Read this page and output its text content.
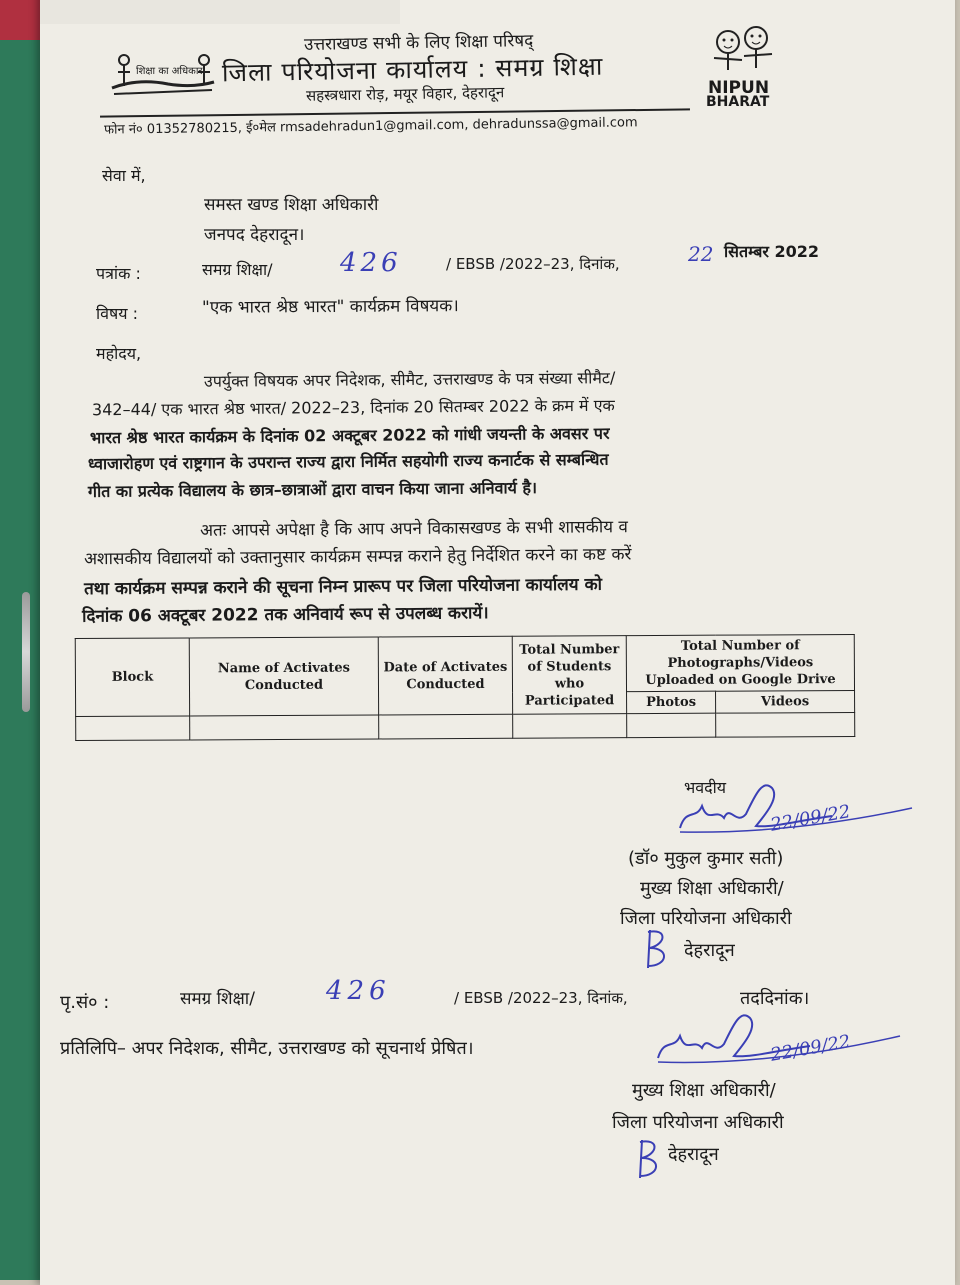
शिक्षा का अधिकार
उत्तराखण्ड सभी के लिए शिक्षा परिषद्
जिला परियोजना कार्यालय : समग्र शिक्षा
सहस्त्रधारा रोड़, मयूर विहार, देहरादून	NIPUN
BHARAT
फोन नं० 01352780215, ई०मेल rmsadehradun1@gmail.com, dehradunssa@gmail.com
सेवा में,
समस्त खण्ड शिक्षा अधिकारी
जनपद देहरादून।
पत्रांक :	समग्र शिक्षा/	426	/ EBSB /2022–23, दिनांक,	22 सितम्बर 2022
विषय :	"एक भारत श्रेष्ठ भारत" कार्यक्रम विषयक।
महोदय,
उपर्युक्त विषयक अपर निदेशक, सीमैट, उत्तराखण्ड के पत्र संख्या सीमैट/
342–44/ एक भारत श्रेष्ठ भारत/ 2022–23, दिनांक 20 सितम्बर 2022 के क्रम में एक
भारत श्रेष्ठ भारत कार्यक्रम के दिनांक 02 अक्टूबर 2022 को गांधी जयन्ती के अवसर पर
ध्वाजारोहण एवं राष्ट्रगान के उपरान्त राज्य द्वारा निर्मित सहयोगी राज्य कनार्टक से सम्बन्धित
गीत का प्रत्येक विद्यालय के छात्र–छात्राओं द्वारा वाचन किया जाना अनिवार्य है।
अतः आपसे अपेक्षा है कि आप अपने विकासखण्ड के सभी शासकीय व
अशासकीय विद्यालयों को उक्तानुसार कार्यक्रम सम्पन्न कराने हेतु निर्देशित करने का कष्ट करें
तथा कार्यक्रम सम्पन्न कराने की सूचना निम्न प्रारूप पर जिला परियोजना कार्यालय को
दिनांक 06 अक्टूबर 2022 तक अनिवार्य रूप से उपलब्ध करायें।
Block	Name of Activates Conducted	Date of Activates Conducted	Total Number of Students who Participated	Total Number of Photographs/Videos Uploaded on Google Drive	
				Photos	Videos

भवदीय
22/09/22
(डॉ० मुकुल कुमार सती)
मुख्य शिक्षा अधिकारी/
जिला परियोजना अधिकारी
देहरादून
पृ.सं० :	समग्र शिक्षा/	426	/ EBSB /2022–23, दिनांक,	तददिनांक।
प्रतिलिपि– अपर निदेशक, सीमैट, उत्तराखण्ड को सूचनार्थ प्रेषित।	22/09/22
मुख्य शिक्षा अधिकारी/
जिला परियोजना अधिकारी
देहरादून
